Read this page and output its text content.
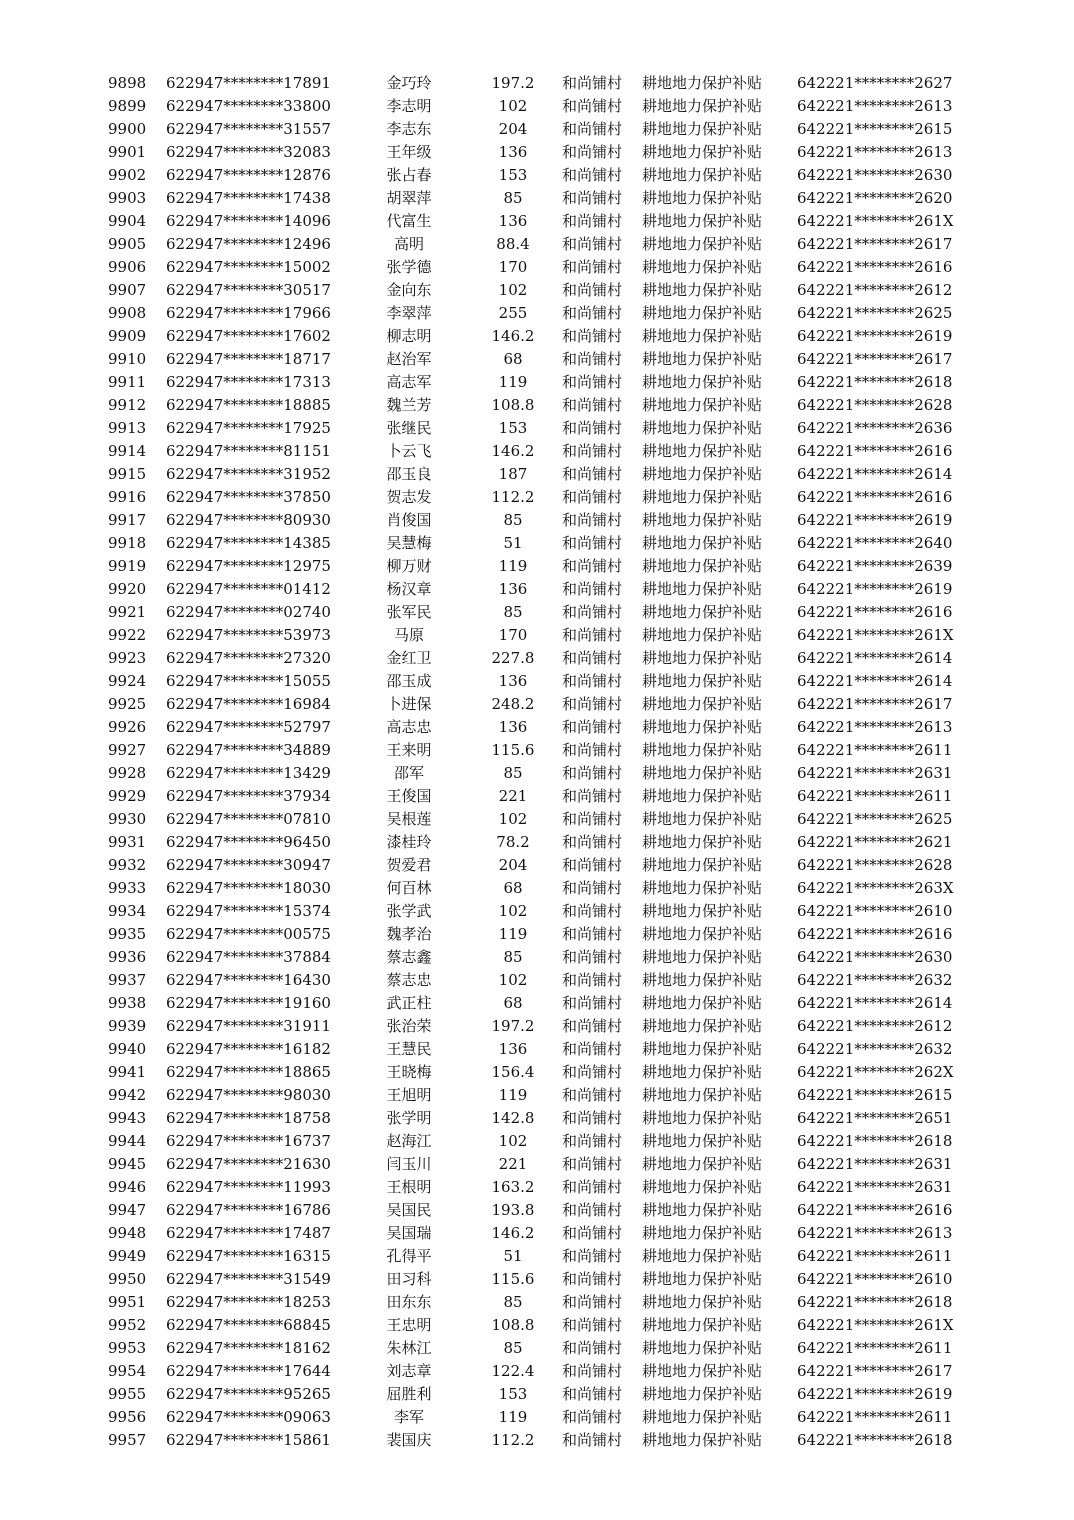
9898	622947********17891	金巧玲	197.2	和尚铺村	耕地地力保护补贴	642221********2627
9899	622947********33800	李志明	102	和尚铺村	耕地地力保护补贴	642221********2613
9900	622947********31557	李志东	204	和尚铺村	耕地地力保护补贴	642221********2615
9901	622947********32083	王年级	136	和尚铺村	耕地地力保护补贴	642221********2613
9902	622947********12876	张占春	153	和尚铺村	耕地地力保护补贴	642221********2630
9903	622947********17438	胡翠萍	85	和尚铺村	耕地地力保护补贴	642221********2620
9904	622947********14096	代富生	136	和尚铺村	耕地地力保护补贴	642221********261X
9905	622947********12496	高明	88.4	和尚铺村	耕地地力保护补贴	642221********2617
9906	622947********15002	张学德	170	和尚铺村	耕地地力保护补贴	642221********2616
9907	622947********30517	金向东	102	和尚铺村	耕地地力保护补贴	642221********2612
9908	622947********17966	李翠萍	255	和尚铺村	耕地地力保护补贴	642221********2625
9909	622947********17602	柳志明	146.2	和尚铺村	耕地地力保护补贴	642221********2619
9910	622947********18717	赵治军	68	和尚铺村	耕地地力保护补贴	642221********2617
9911	622947********17313	高志军	119	和尚铺村	耕地地力保护补贴	642221********2618
9912	622947********18885	魏兰芳	108.8	和尚铺村	耕地地力保护补贴	642221********2628
9913	622947********17925	张继民	153	和尚铺村	耕地地力保护补贴	642221********2636
9914	622947********81151	卜云飞	146.2	和尚铺村	耕地地力保护补贴	642221********2616
9915	622947********31952	邵玉良	187	和尚铺村	耕地地力保护补贴	642221********2614
9916	622947********37850	贺志发	112.2	和尚铺村	耕地地力保护补贴	642221********2616
9917	622947********80930	肖俊国	85	和尚铺村	耕地地力保护补贴	642221********2619
9918	622947********14385	吴慧梅	51	和尚铺村	耕地地力保护补贴	642221********2640
9919	622947********12975	柳万财	119	和尚铺村	耕地地力保护补贴	642221********2639
9920	622947********01412	杨汉章	136	和尚铺村	耕地地力保护补贴	642221********2619
9921	622947********02740	张军民	85	和尚铺村	耕地地力保护补贴	642221********2616
9922	622947********53973	马原	170	和尚铺村	耕地地力保护补贴	642221********261X
9923	622947********27320	金红卫	227.8	和尚铺村	耕地地力保护补贴	642221********2614
9924	622947********15055	邵玉成	136	和尚铺村	耕地地力保护补贴	642221********2614
9925	622947********16984	卜进保	248.2	和尚铺村	耕地地力保护补贴	642221********2617
9926	622947********52797	高志忠	136	和尚铺村	耕地地力保护补贴	642221********2613
9927	622947********34889	王来明	115.6	和尚铺村	耕地地力保护补贴	642221********2611
9928	622947********13429	邵军	85	和尚铺村	耕地地力保护补贴	642221********2631
9929	622947********37934	王俊国	221	和尚铺村	耕地地力保护补贴	642221********2611
9930	622947********07810	吴根莲	102	和尚铺村	耕地地力保护补贴	642221********2625
9931	622947********96450	漆桂玲	78.2	和尚铺村	耕地地力保护补贴	642221********2621
9932	622947********30947	贺爱君	204	和尚铺村	耕地地力保护补贴	642221********2628
9933	622947********18030	何百林	68	和尚铺村	耕地地力保护补贴	642221********263X
9934	622947********15374	张学武	102	和尚铺村	耕地地力保护补贴	642221********2610
9935	622947********00575	魏孝治	119	和尚铺村	耕地地力保护补贴	642221********2616
9936	622947********37884	蔡志鑫	85	和尚铺村	耕地地力保护补贴	642221********2630
9937	622947********16430	蔡志忠	102	和尚铺村	耕地地力保护补贴	642221********2632
9938	622947********19160	武正柱	68	和尚铺村	耕地地力保护补贴	642221********2614
9939	622947********31911	张治荣	197.2	和尚铺村	耕地地力保护补贴	642221********2612
9940	622947********16182	王慧民	136	和尚铺村	耕地地力保护补贴	642221********2632
9941	622947********18865	王晓梅	156.4	和尚铺村	耕地地力保护补贴	642221********262X
9942	622947********98030	王旭明	119	和尚铺村	耕地地力保护补贴	642221********2615
9943	622947********18758	张学明	142.8	和尚铺村	耕地地力保护补贴	642221********2651
9944	622947********16737	赵海江	102	和尚铺村	耕地地力保护补贴	642221********2618
9945	622947********21630	闫玉川	221	和尚铺村	耕地地力保护补贴	642221********2631
9946	622947********11993	王根明	163.2	和尚铺村	耕地地力保护补贴	642221********2631
9947	622947********16786	吴国民	193.8	和尚铺村	耕地地力保护补贴	642221********2616
9948	622947********17487	吴国瑞	146.2	和尚铺村	耕地地力保护补贴	642221********2613
9949	622947********16315	孔得平	51	和尚铺村	耕地地力保护补贴	642221********2611
9950	622947********31549	田习科	115.6	和尚铺村	耕地地力保护补贴	642221********2610
9951	622947********18253	田东东	85	和尚铺村	耕地地力保护补贴	642221********2618
9952	622947********68845	王忠明	108.8	和尚铺村	耕地地力保护补贴	642221********261X
9953	622947********18162	朱林江	85	和尚铺村	耕地地力保护补贴	642221********2611
9954	622947********17644	刘志章	122.4	和尚铺村	耕地地力保护补贴	642221********2617
9955	622947********95265	屈胜利	153	和尚铺村	耕地地力保护补贴	642221********2619
9956	622947********09063	李军	119	和尚铺村	耕地地力保护补贴	642221********2611
9957	622947********15861	裴国庆	112.2	和尚铺村	耕地地力保护补贴	642221********2618
